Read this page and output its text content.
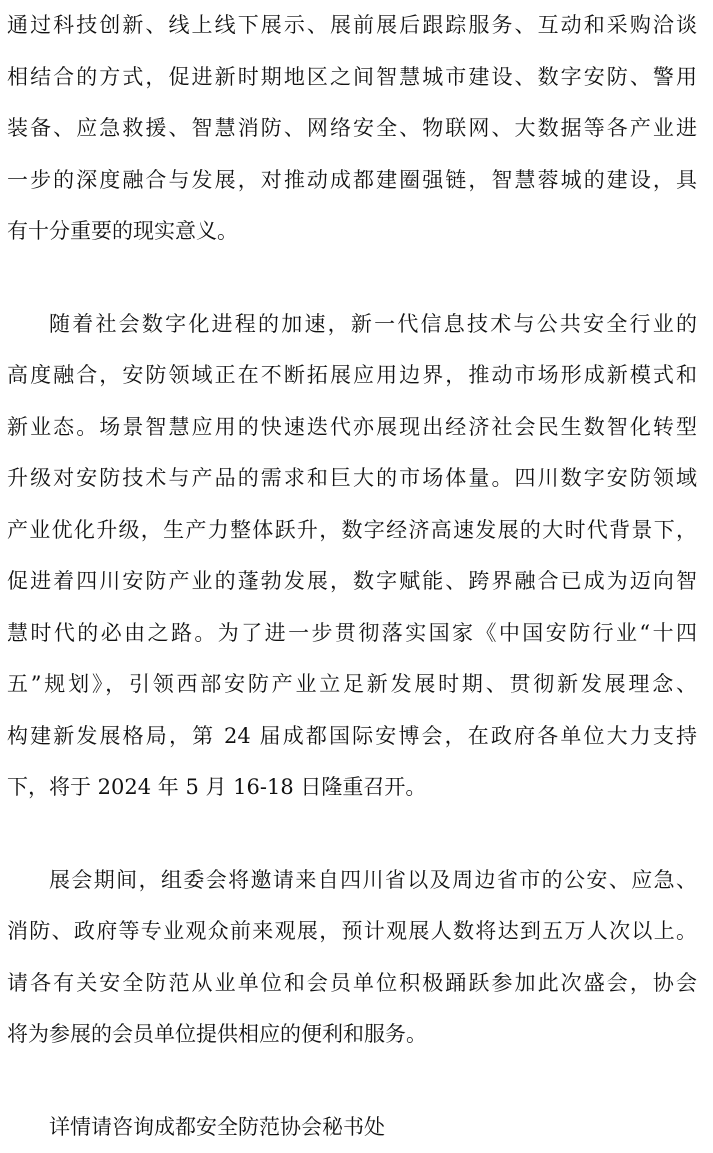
通过科技创新、线上线下展示、展前展后跟踪服务、互动和采购洽谈
相结合的方式，促进新时期地区之间智慧城市建设、数字安防、警用
装备、应急救援、智慧消防、网络安全、物联网、大数据等各产业进
一步的深度融合与发展，对推动成都建圈强链，智慧蓉城的建设，具
有十分重要的现实意义。
随着社会数字化进程的加速，新一代信息技术与公共安全行业的
高度融合，安防领域正在不断拓展应用边界，推动市场形成新模式和
新业态。场景智慧应用的快速迭代亦展现出经济社会民生数智化转型
升级对安防技术与产品的需求和巨大的市场体量。四川数字安防领域
产业优化升级，生产力整体跃升，数字经济高速发展的大时代背景下，
促进着四川安防产业的蓬勃发展，数字赋能、跨界融合已成为迈向智
慧时代的必由之路。为了进一步贯彻落实国家《中国安防行业“十四
五”规划》，引领西部安防产业立足新发展时期、贯彻新发展理念、
构建新发展格局，第 24 届成都国际安博会，在政府各单位大力支持
下，将于 2024 年 5 月 16-18 日隆重召开。
展会期间，组委会将邀请来自四川省以及周边省市的公安、应急、
消防、政府等专业观众前来观展，预计观展人数将达到五万人次以上。
请各有关安全防范从业单位和会员单位积极踊跃参加此次盛会，协会
将为参展的会员单位提供相应的便利和服务。
详情请咨询成都安全防范协会秘书处
